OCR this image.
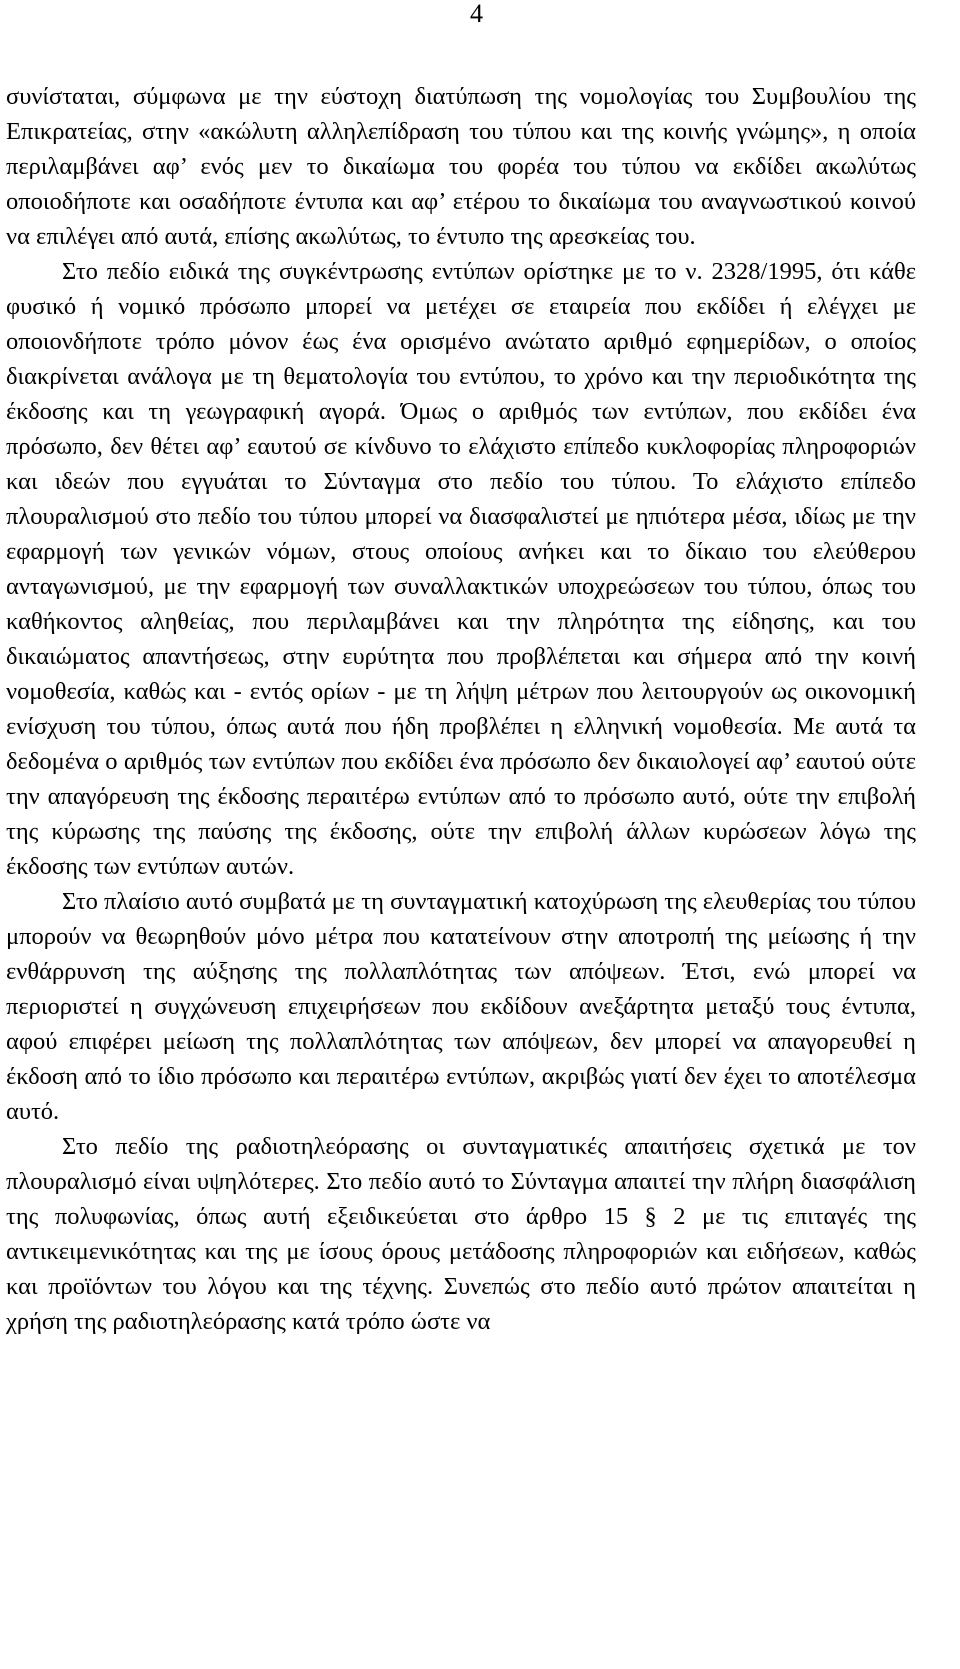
4

συνίσταται, σύμφωνα με την εύστοχη διατύπωση της νομολογίας του Συμβουλίου της Επικρατείας, στην «ακώλυτη αλληλεπίδραση του τύπου και της κοινής γνώμης», η οποία περιλαμβάνει αφ’ ενός μεν το δικαίωμα του φορέα του τύπου να εκδίδει ακωλύτως οποιοδήποτε και οσαδήποτε έντυπα και αφ’ ετέρου το δικαίωμα του αναγνωστικού κοινού να επιλέγει από αυτά, επίσης ακωλύτως, το έντυπο της αρεσκείας του.

Στο πεδίο ειδικά της συγκέντρωσης εντύπων ορίστηκε με το ν. 2328/1995, ότι κάθε φυσικό ή νομικό πρόσωπο μπορεί να μετέχει σε εταιρεία που εκδίδει ή ελέγχει με οποιονδήποτε τρόπο μόνον έως ένα ορισμένο ανώτατο αριθμό εφημερίδων, ο οποίος διακρίνεται ανάλογα με τη θεματολογία του εντύπου, το χρόνο και την περιοδικότητα της έκδοσης και τη γεωγραφική αγορά. Όμως ο αριθμός των εντύπων, που εκδίδει ένα πρόσωπο, δεν θέτει αφ’ εαυτού σε κίνδυνο το ελάχιστο επίπεδο κυκλοφορίας πληροφοριών και ιδεών που εγγυάται το Σύνταγμα στο πεδίο του τύπου. Το ελάχιστο επίπεδο πλουραλισμού στο πεδίο του τύπου μπορεί να διασφαλιστεί με ηπιότερα μέσα, ιδίως με την εφαρμογή των γενικών νόμων, στους οποίους ανήκει και το δίκαιο του ελεύθερου ανταγωνισμού, με την εφαρμογή των συναλλακτικών υποχρεώσεων του τύπου, όπως του καθήκοντος αληθείας, που περιλαμβάνει και την πληρότητα της είδησης, και του δικαιώματος απαντήσεως, στην ευρύτητα που προβλέπεται και σήμερα από την κοινή νομοθεσία, καθώς και - εντός ορίων - με τη λήψη μέτρων που λειτουργούν ως οικονομική ενίσχυση του τύπου, όπως αυτά που ήδη προβλέπει η ελληνική νομοθεσία. Με αυτά τα δεδομένα ο αριθμός των εντύπων που εκδίδει ένα πρόσωπο δεν δικαιολογεί αφ’ εαυτού ούτε την απαγόρευση της έκδοσης περαιτέρω εντύπων από το πρόσωπο αυτό, ούτε την επιβολή της κύρωσης της παύσης της έκδοσης, ούτε την επιβολή άλλων κυρώσεων λόγω της έκδοσης των εντύπων αυτών.

Στο πλαίσιο αυτό συμβατά με τη συνταγματική κατοχύρωση της ελευθερίας του τύπου μπορούν να θεωρηθούν μόνο μέτρα που κατατείνουν στην αποτροπή της μείωσης ή την ενθάρρυνση της αύξησης της πολλαπλότητας των απόψεων. Έτσι, ενώ μπορεί να περιοριστεί η συγχώνευση επιχειρήσεων που εκδίδουν ανεξάρτητα μεταξύ τους έντυπα, αφού επιφέρει μείωση της πολλαπλότητας των απόψεων, δεν μπορεί να απαγορευθεί η έκδοση από το ίδιο πρόσωπο και περαιτέρω εντύπων, ακριβώς γιατί δεν έχει το αποτέλεσμα αυτό.

Στο πεδίο της ραδιοτηλεόρασης οι συνταγματικές απαιτήσεις σχετικά με τον πλουραλισμό είναι υψηλότερες. Στο πεδίο αυτό το Σύνταγμα απαιτεί την πλήρη διασφάλιση της πολυφωνίας, όπως αυτή εξειδικεύεται στο άρθρο 15 § 2 με τις επιταγές της αντικειμενικότητας και της με ίσους όρους μετάδοσης πληροφοριών και ειδήσεων, καθώς και προϊόντων του λόγου και της τέχνης. Συνεπώς στο πεδίο αυτό πρώτον απαιτείται η χρήση της ραδιοτηλεόρασης κατά τρόπο ώστε να
